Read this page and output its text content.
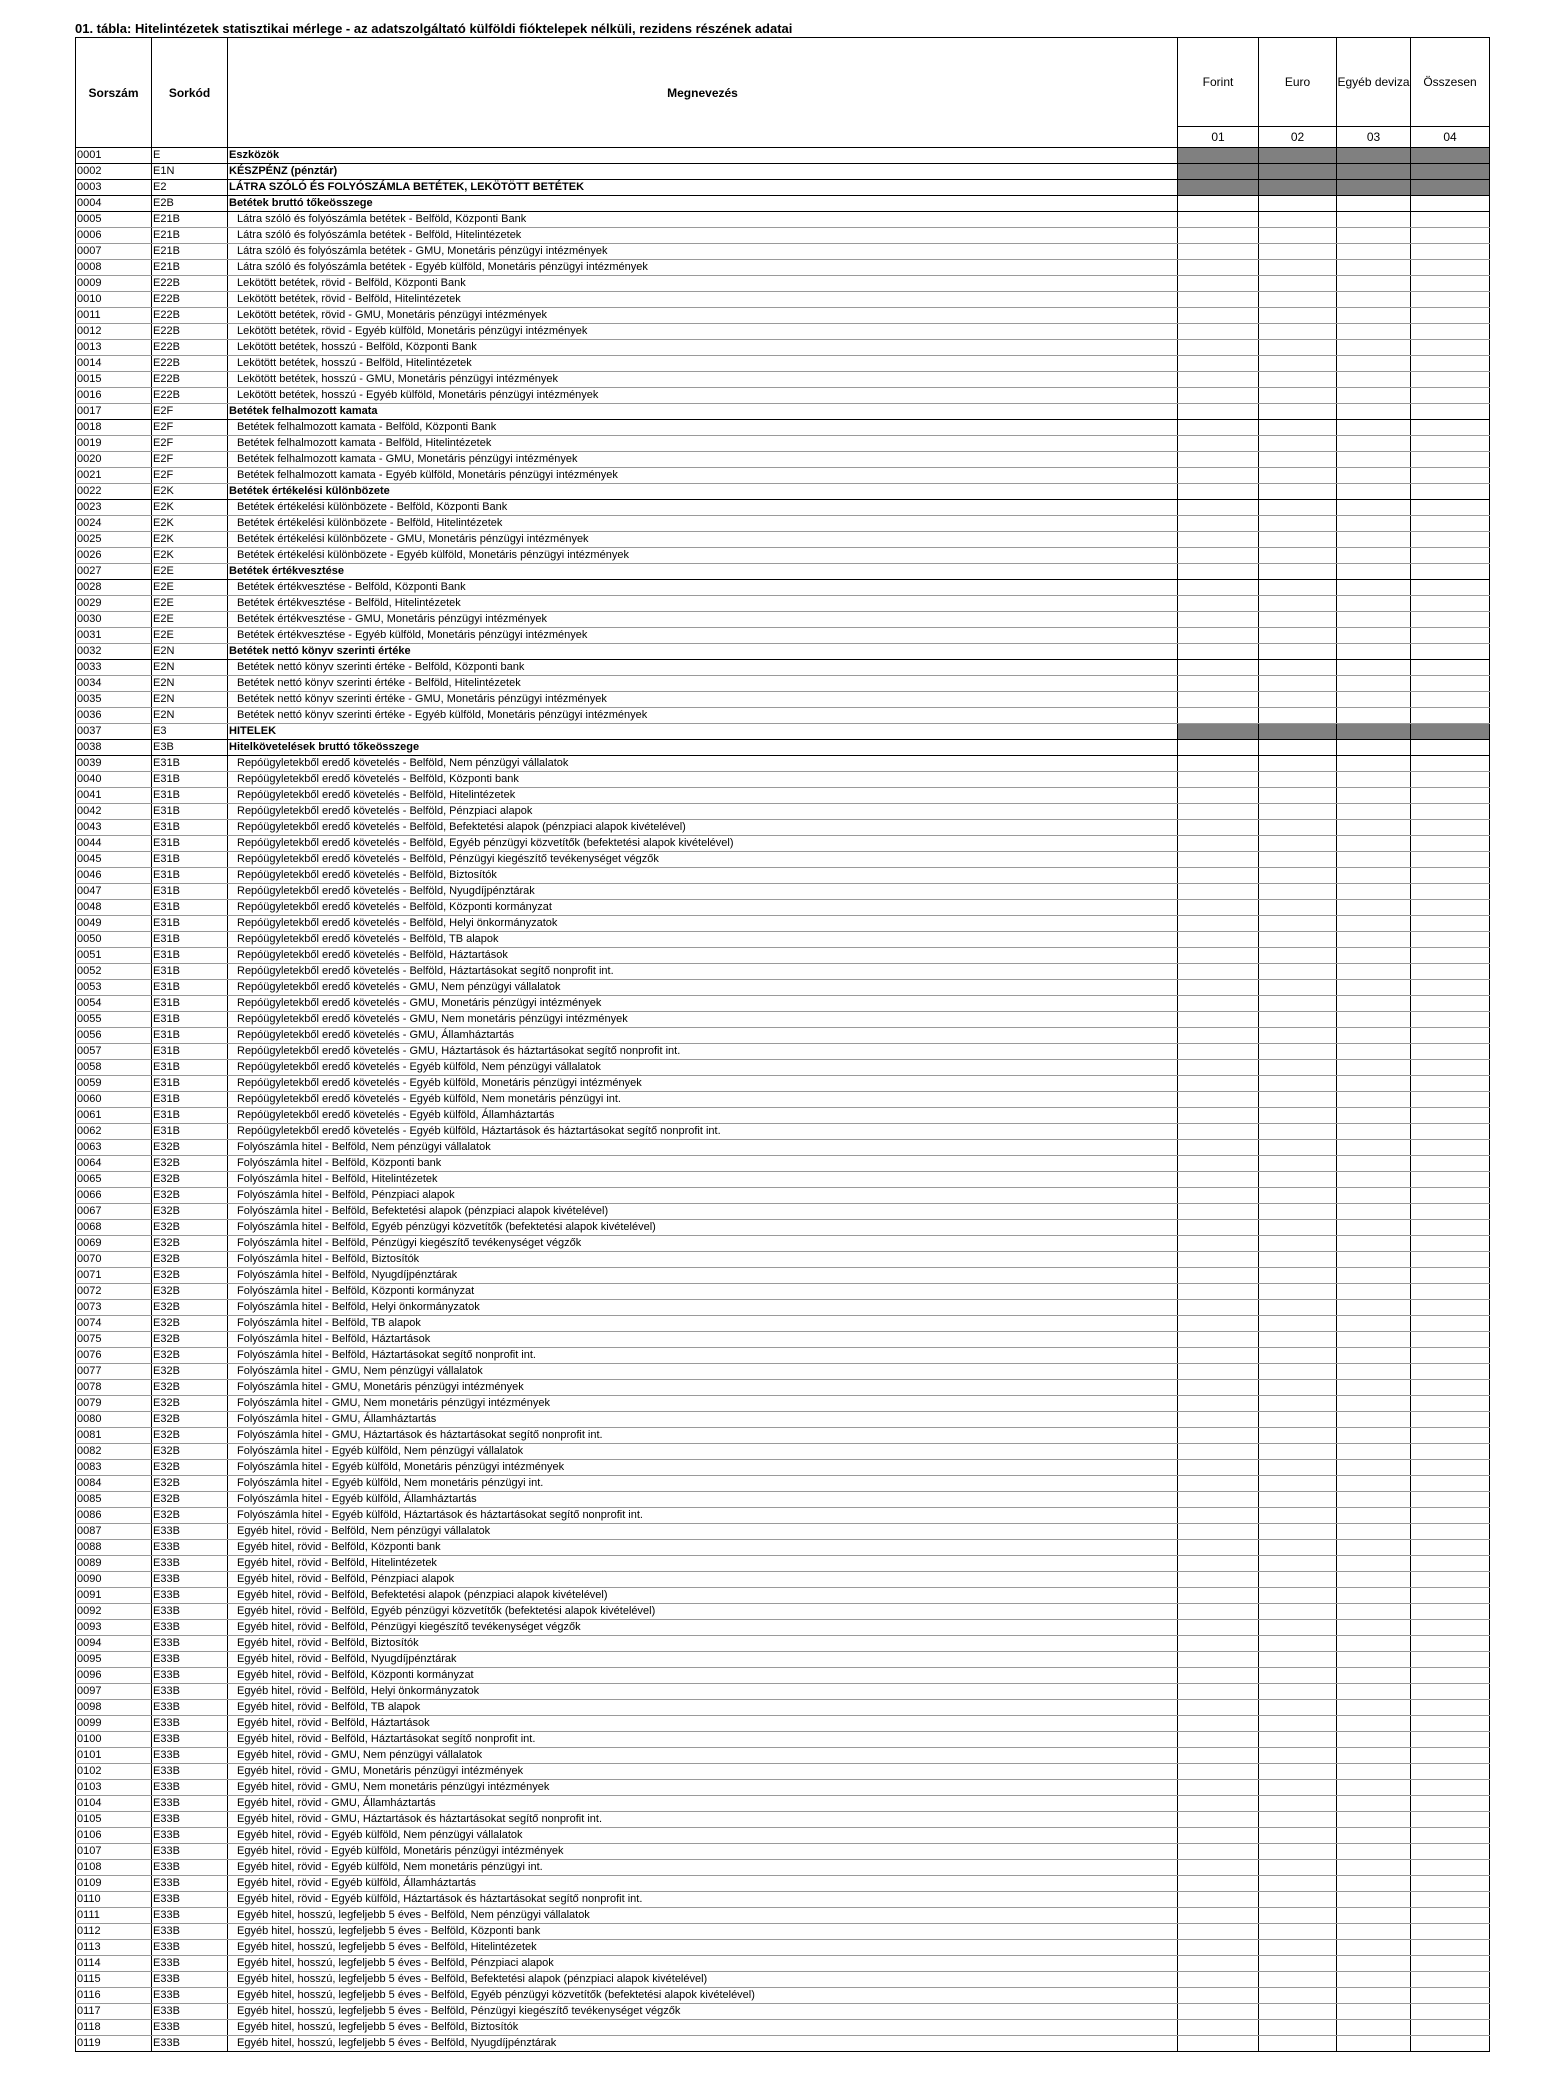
01. tábla: Hitelintézetek statisztikai mérlege - az adatszolgáltató külföldi fióktelepek nélküli, rezidens részének adatai
Sorszám	Sorkód	Megnevezés	Forint	Euro	Egyéb deviza	Összesen
			01	02	03	04
0001	E	Eszközök				
0002	E1N	KÉSZPÉNZ (pénztár)				
0003	E2	LÁTRA SZÓLÓ ÉS FOLYÓSZÁMLA BETÉTEK, LEKÖTÖTT BETÉTEK				
0004	E2B	Betétek bruttó tőkeösszege				
0005	E21B	Látra szóló és folyószámla betétek - Belföld, Központi Bank				
0006	E21B	Látra szóló és folyószámla betétek - Belföld, Hitelintézetek				
0007	E21B	Látra szóló és folyószámla betétek - GMU, Monetáris pénzügyi intézmények				
0008	E21B	Látra szóló és folyószámla betétek - Egyéb külföld, Monetáris pénzügyi intézmények				
0009	E22B	Lekötött betétek, rövid - Belföld, Központi Bank				
0010	E22B	Lekötött betétek, rövid - Belföld, Hitelintézetek				
0011	E22B	Lekötött betétek, rövid - GMU, Monetáris pénzügyi intézmények				
0012	E22B	Lekötött betétek, rövid - Egyéb külföld, Monetáris pénzügyi intézmények				
0013	E22B	Lekötött betétek, hosszú - Belföld, Központi Bank				
0014	E22B	Lekötött betétek, hosszú - Belföld, Hitelintézetek				
0015	E22B	Lekötött betétek, hosszú - GMU, Monetáris pénzügyi intézmények				
0016	E22B	Lekötött betétek, hosszú - Egyéb külföld, Monetáris pénzügyi intézmények				
0017	E2F	Betétek felhalmozott kamata				
0018	E2F	Betétek felhalmozott kamata - Belföld, Központi Bank				
0019	E2F	Betétek felhalmozott kamata - Belföld, Hitelintézetek				
0020	E2F	Betétek felhalmozott kamata - GMU, Monetáris pénzügyi intézmények				
0021	E2F	Betétek felhalmozott kamata - Egyéb külföld, Monetáris pénzügyi intézmények				
0022	E2K	Betétek értékelési különbözete				
0023	E2K	Betétek értékelési különbözete - Belföld, Központi Bank				
0024	E2K	Betétek értékelési különbözete - Belföld, Hitelintézetek				
0025	E2K	Betétek értékelési különbözete - GMU, Monetáris pénzügyi intézmények				
0026	E2K	Betétek értékelési különbözete - Egyéb külföld, Monetáris pénzügyi intézmények				
0027	E2E	Betétek értékvesztése				
0028	E2E	Betétek értékvesztése - Belföld, Központi Bank				
0029	E2E	Betétek értékvesztése - Belföld, Hitelintézetek				
0030	E2E	Betétek értékvesztése - GMU, Monetáris pénzügyi intézmények				
0031	E2E	Betétek értékvesztése - Egyéb külföld, Monetáris pénzügyi intézmények				
0032	E2N	Betétek nettó könyv szerinti értéke				
0033	E2N	Betétek nettó könyv szerinti értéke - Belföld, Központi bank				
0034	E2N	Betétek nettó könyv szerinti értéke - Belföld, Hitelintézetek				
0035	E2N	Betétek nettó könyv szerinti értéke - GMU, Monetáris pénzügyi intézmények				
0036	E2N	Betétek nettó könyv szerinti értéke - Egyéb külföld, Monetáris pénzügyi intézmények				
0037	E3	HITELEK				
0038	E3B	Hitelkövetelések bruttó tőkeösszege				
0039	E31B	Repóügyletekből eredő követelés - Belföld, Nem pénzügyi vállalatok				
0040	E31B	Repóügyletekből eredő követelés - Belföld, Központi bank				
0041	E31B	Repóügyletekből eredő követelés - Belföld, Hitelintézetek				
0042	E31B	Repóügyletekből eredő követelés - Belföld, Pénzpiaci alapok				
0043	E31B	Repóügyletekből eredő követelés - Belföld, Befektetési alapok (pénzpiaci alapok kivételével)				
0044	E31B	Repóügyletekből eredő követelés - Belföld, Egyéb pénzügyi közvetítők (befektetési alapok kivételével)				
0045	E31B	Repóügyletekből eredő követelés - Belföld, Pénzügyi kiegészítő tevékenységet végzők				
0046	E31B	Repóügyletekből eredő követelés - Belföld, Biztosítók				
0047	E31B	Repóügyletekből eredő követelés - Belföld, Nyugdíjpénztárak				
0048	E31B	Repóügyletekből eredő követelés - Belföld, Központi kormányzat				
0049	E31B	Repóügyletekből eredő követelés - Belföld, Helyi önkormányzatok				
0050	E31B	Repóügyletekből eredő követelés - Belföld, TB alapok				
0051	E31B	Repóügyletekből eredő követelés - Belföld, Háztartások				
0052	E31B	Repóügyletekből eredő követelés - Belföld, Háztartásokat segítő nonprofit int.				
0053	E31B	Repóügyletekből eredő követelés - GMU, Nem pénzügyi vállalatok				
0054	E31B	Repóügyletekből eredő követelés - GMU, Monetáris pénzügyi intézmények				
0055	E31B	Repóügyletekből eredő követelés - GMU, Nem monetáris pénzügyi intézmények				
0056	E31B	Repóügyletekből eredő követelés - GMU, Államháztartás				
0057	E31B	Repóügyletekből eredő követelés - GMU, Háztartások és háztartásokat segítő nonprofit int.				
0058	E31B	Repóügyletekből eredő követelés - Egyéb külföld, Nem pénzügyi vállalatok				
0059	E31B	Repóügyletekből eredő követelés - Egyéb külföld, Monetáris pénzügyi intézmények				
0060	E31B	Repóügyletekből eredő követelés - Egyéb külföld, Nem monetáris pénzügyi int.				
0061	E31B	Repóügyletekből eredő követelés - Egyéb külföld, Államháztartás				
0062	E31B	Repóügyletekből eredő követelés - Egyéb külföld, Háztartások és háztartásokat segítő nonprofit int.				
0063	E32B	Folyószámla hitel - Belföld, Nem pénzügyi vállalatok				
0064	E32B	Folyószámla hitel - Belföld, Központi bank				
0065	E32B	Folyószámla hitel - Belföld, Hitelintézetek				
0066	E32B	Folyószámla hitel - Belföld, Pénzpiaci alapok				
0067	E32B	Folyószámla hitel - Belföld, Befektetési alapok (pénzpiaci alapok kivételével)				
0068	E32B	Folyószámla hitel - Belföld, Egyéb pénzügyi közvetítők (befektetési alapok kivételével)				
0069	E32B	Folyószámla hitel - Belföld, Pénzügyi kiegészítő tevékenységet végzők				
0070	E32B	Folyószámla hitel - Belföld, Biztosítók				
0071	E32B	Folyószámla hitel - Belföld, Nyugdíjpénztárak				
0072	E32B	Folyószámla hitel - Belföld, Központi kormányzat				
0073	E32B	Folyószámla hitel - Belföld, Helyi önkormányzatok				
0074	E32B	Folyószámla hitel - Belföld, TB alapok				
0075	E32B	Folyószámla hitel - Belföld, Háztartások				
0076	E32B	Folyószámla hitel - Belföld, Háztartásokat segítő nonprofit int.				
0077	E32B	Folyószámla hitel - GMU, Nem pénzügyi vállalatok				
0078	E32B	Folyószámla hitel - GMU, Monetáris pénzügyi intézmények				
0079	E32B	Folyószámla hitel - GMU, Nem monetáris pénzügyi intézmények				
0080	E32B	Folyószámla hitel - GMU, Államháztartás				
0081	E32B	Folyószámla hitel - GMU, Háztartások és háztartásokat segítő nonprofit int.				
0082	E32B	Folyószámla hitel - Egyéb külföld, Nem pénzügyi vállalatok				
0083	E32B	Folyószámla hitel - Egyéb külföld, Monetáris pénzügyi intézmények				
0084	E32B	Folyószámla hitel - Egyéb külföld, Nem monetáris pénzügyi int.				
0085	E32B	Folyószámla hitel - Egyéb külföld, Államháztartás				
0086	E32B	Folyószámla hitel - Egyéb külföld, Háztartások és háztartásokat segítő nonprofit int.				
0087	E33B	Egyéb hitel, rövid - Belföld, Nem pénzügyi vállalatok				
0088	E33B	Egyéb hitel, rövid - Belföld, Központi bank				
0089	E33B	Egyéb hitel, rövid - Belföld, Hitelintézetek				
0090	E33B	Egyéb hitel, rövid - Belföld, Pénzpiaci alapok				
0091	E33B	Egyéb hitel, rövid - Belföld, Befektetési alapok (pénzpiaci alapok kivételével)				
0092	E33B	Egyéb hitel, rövid - Belföld, Egyéb pénzügyi közvetítők (befektetési alapok kivételével)				
0093	E33B	Egyéb hitel, rövid - Belföld, Pénzügyi kiegészítő tevékenységet végzők				
0094	E33B	Egyéb hitel, rövid - Belföld, Biztosítók				
0095	E33B	Egyéb hitel, rövid - Belföld, Nyugdíjpénztárak				
0096	E33B	Egyéb hitel, rövid - Belföld, Központi kormányzat				
0097	E33B	Egyéb hitel, rövid - Belföld, Helyi önkormányzatok				
0098	E33B	Egyéb hitel, rövid - Belföld, TB alapok				
0099	E33B	Egyéb hitel, rövid - Belföld, Háztartások				
0100	E33B	Egyéb hitel, rövid - Belföld, Háztartásokat segítő nonprofit int.				
0101	E33B	Egyéb hitel, rövid - GMU, Nem pénzügyi vállalatok				
0102	E33B	Egyéb hitel, rövid - GMU, Monetáris pénzügyi intézmények				
0103	E33B	Egyéb hitel, rövid - GMU, Nem monetáris pénzügyi intézmények				
0104	E33B	Egyéb hitel, rövid - GMU, Államháztartás				
0105	E33B	Egyéb hitel, rövid - GMU, Háztartások és háztartásokat segítő nonprofit int.				
0106	E33B	Egyéb hitel, rövid - Egyéb külföld, Nem pénzügyi vállalatok				
0107	E33B	Egyéb hitel, rövid - Egyéb külföld, Monetáris pénzügyi intézmények				
0108	E33B	Egyéb hitel, rövid - Egyéb külföld, Nem monetáris pénzügyi int.				
0109	E33B	Egyéb hitel, rövid - Egyéb külföld, Államháztartás				
0110	E33B	Egyéb hitel, rövid - Egyéb külföld, Háztartások és háztartásokat segítő nonprofit int.				
0111	E33B	Egyéb hitel, hosszú, legfeljebb 5 éves - Belföld, Nem pénzügyi vállalatok				
0112	E33B	Egyéb hitel, hosszú, legfeljebb 5 éves - Belföld, Központi bank				
0113	E33B	Egyéb hitel, hosszú, legfeljebb 5 éves - Belföld, Hitelintézetek				
0114	E33B	Egyéb hitel, hosszú, legfeljebb 5 éves - Belföld, Pénzpiaci alapok				
0115	E33B	Egyéb hitel, hosszú, legfeljebb 5 éves - Belföld, Befektetési alapok (pénzpiaci alapok kivételével)				
0116	E33B	Egyéb hitel, hosszú, legfeljebb 5 éves - Belföld, Egyéb pénzügyi közvetítők (befektetési alapok kivételével)				
0117	E33B	Egyéb hitel, hosszú, legfeljebb 5 éves - Belföld, Pénzügyi kiegészítő tevékenységet végzők				
0118	E33B	Egyéb hitel, hosszú, legfeljebb 5 éves - Belföld, Biztosítók				
0119	E33B	Egyéb hitel, hosszú, legfeljebb 5 éves - Belföld, Nyugdíjpénztárak				
